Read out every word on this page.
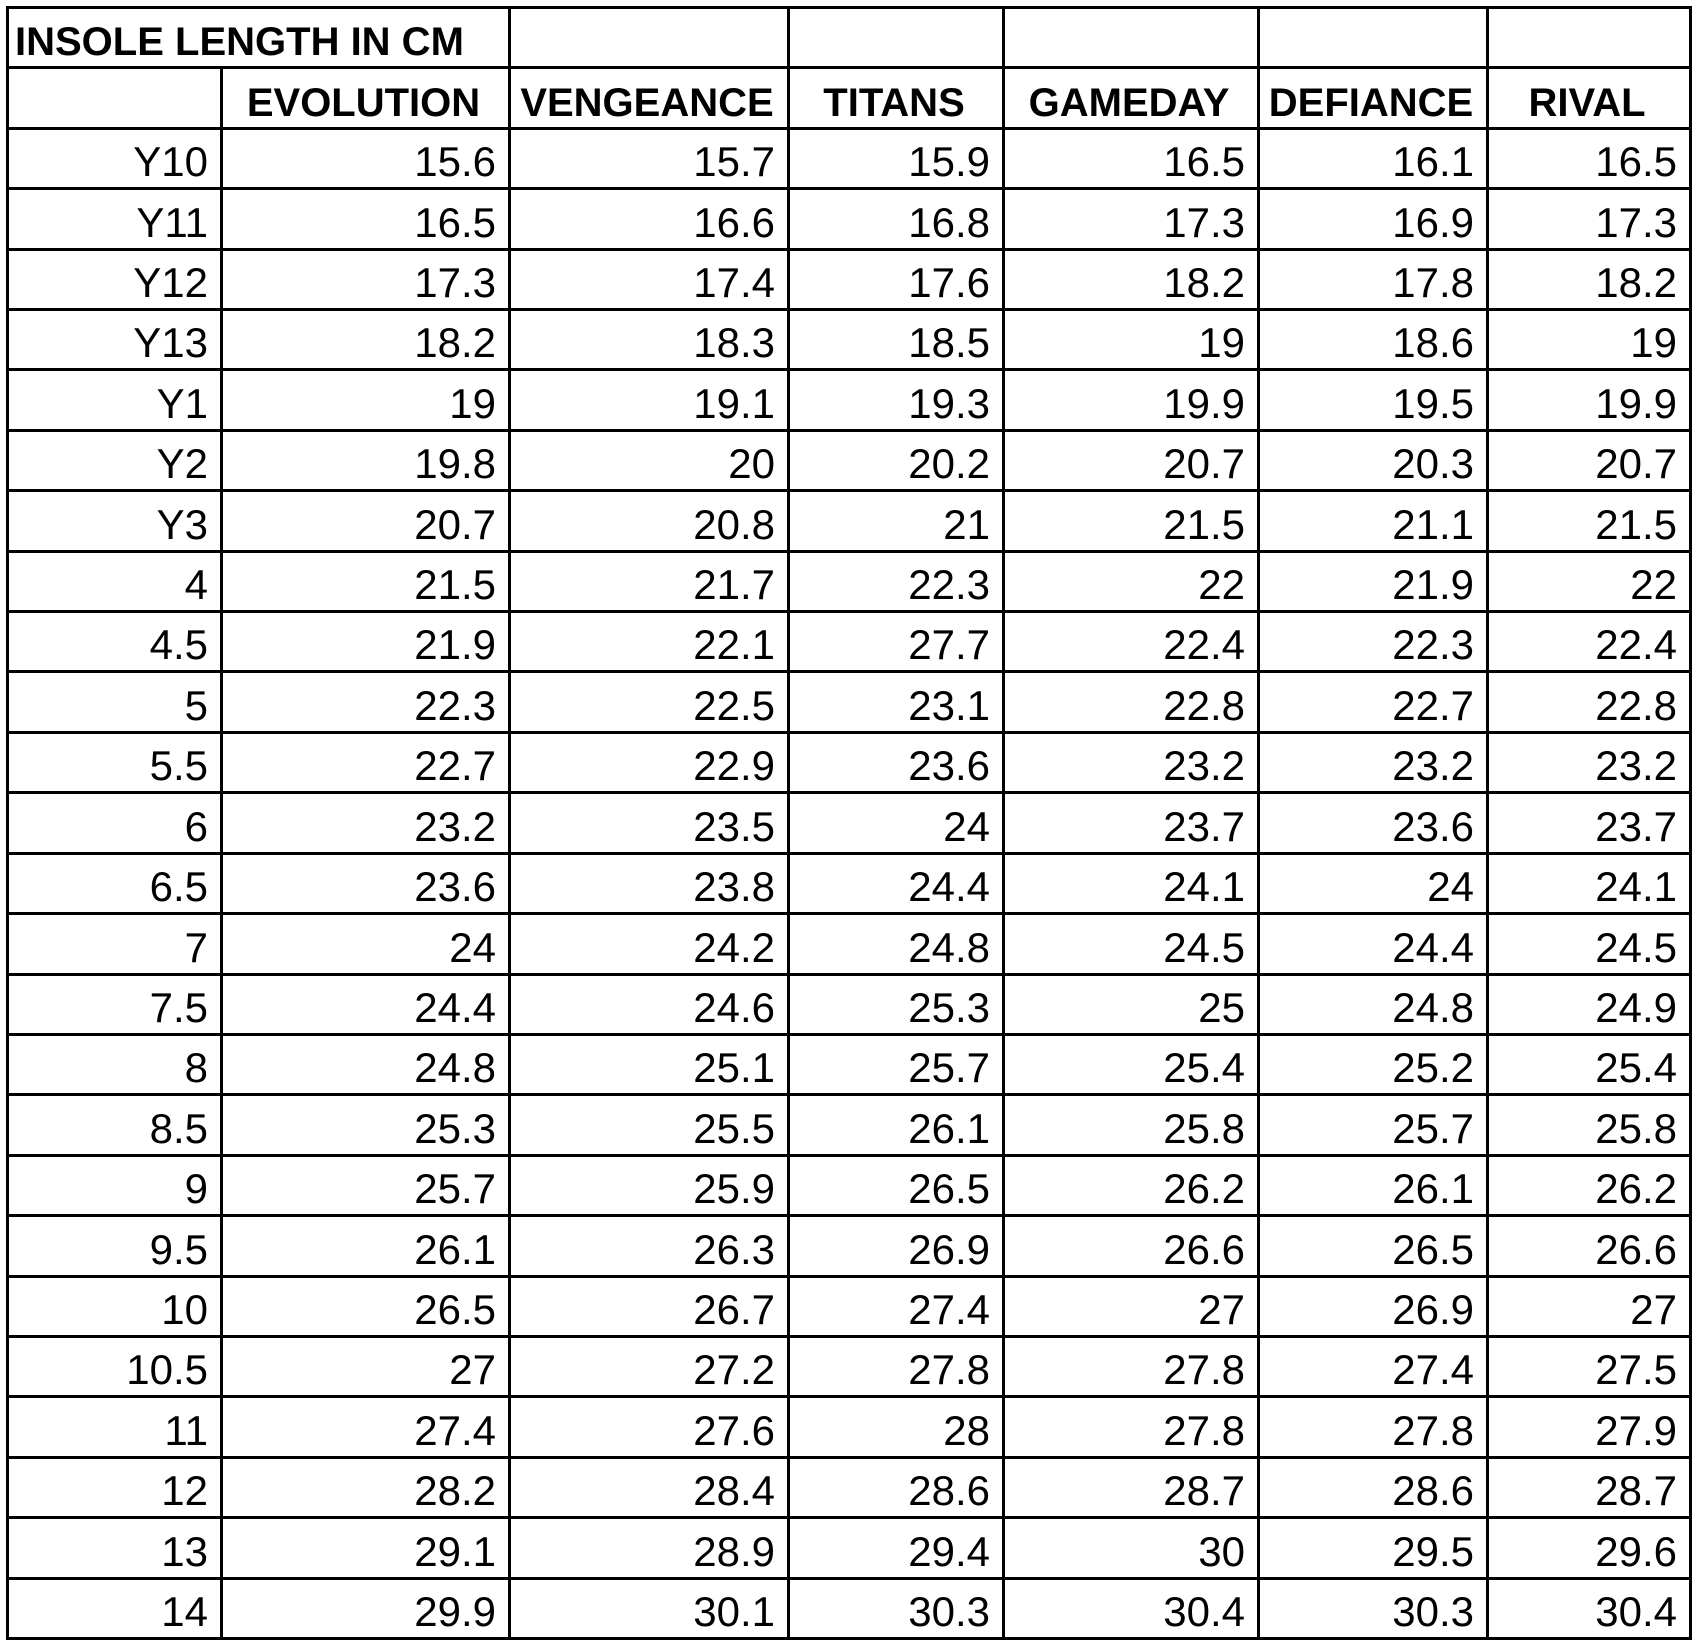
INSOLE LENGTH IN CM						
	EVOLUTION	VENGEANCE	TITANS	GAMEDAY	DEFIANCE	RIVAL
Y10	15.6	15.7	15.9	16.5	16.1	16.5
Y11	16.5	16.6	16.8	17.3	16.9	17.3
Y12	17.3	17.4	17.6	18.2	17.8	18.2
Y13	18.2	18.3	18.5	19	18.6	19
Y1	19	19.1	19.3	19.9	19.5	19.9
Y2	19.8	20	20.2	20.7	20.3	20.7
Y3	20.7	20.8	21	21.5	21.1	21.5
4	21.5	21.7	22.3	22	21.9	22
4.5	21.9	22.1	27.7	22.4	22.3	22.4
5	22.3	22.5	23.1	22.8	22.7	22.8
5.5	22.7	22.9	23.6	23.2	23.2	23.2
6	23.2	23.5	24	23.7	23.6	23.7
6.5	23.6	23.8	24.4	24.1	24	24.1
7	24	24.2	24.8	24.5	24.4	24.5
7.5	24.4	24.6	25.3	25	24.8	24.9
8	24.8	25.1	25.7	25.4	25.2	25.4
8.5	25.3	25.5	26.1	25.8	25.7	25.8
9	25.7	25.9	26.5	26.2	26.1	26.2
9.5	26.1	26.3	26.9	26.6	26.5	26.6
10	26.5	26.7	27.4	27	26.9	27
10.5	27	27.2	27.8	27.8	27.4	27.5
11	27.4	27.6	28	27.8	27.8	27.9
12	28.2	28.4	28.6	28.7	28.6	28.7
13	29.1	28.9	29.4	30	29.5	29.6
14	29.9	30.1	30.3	30.4	30.3	30.4
